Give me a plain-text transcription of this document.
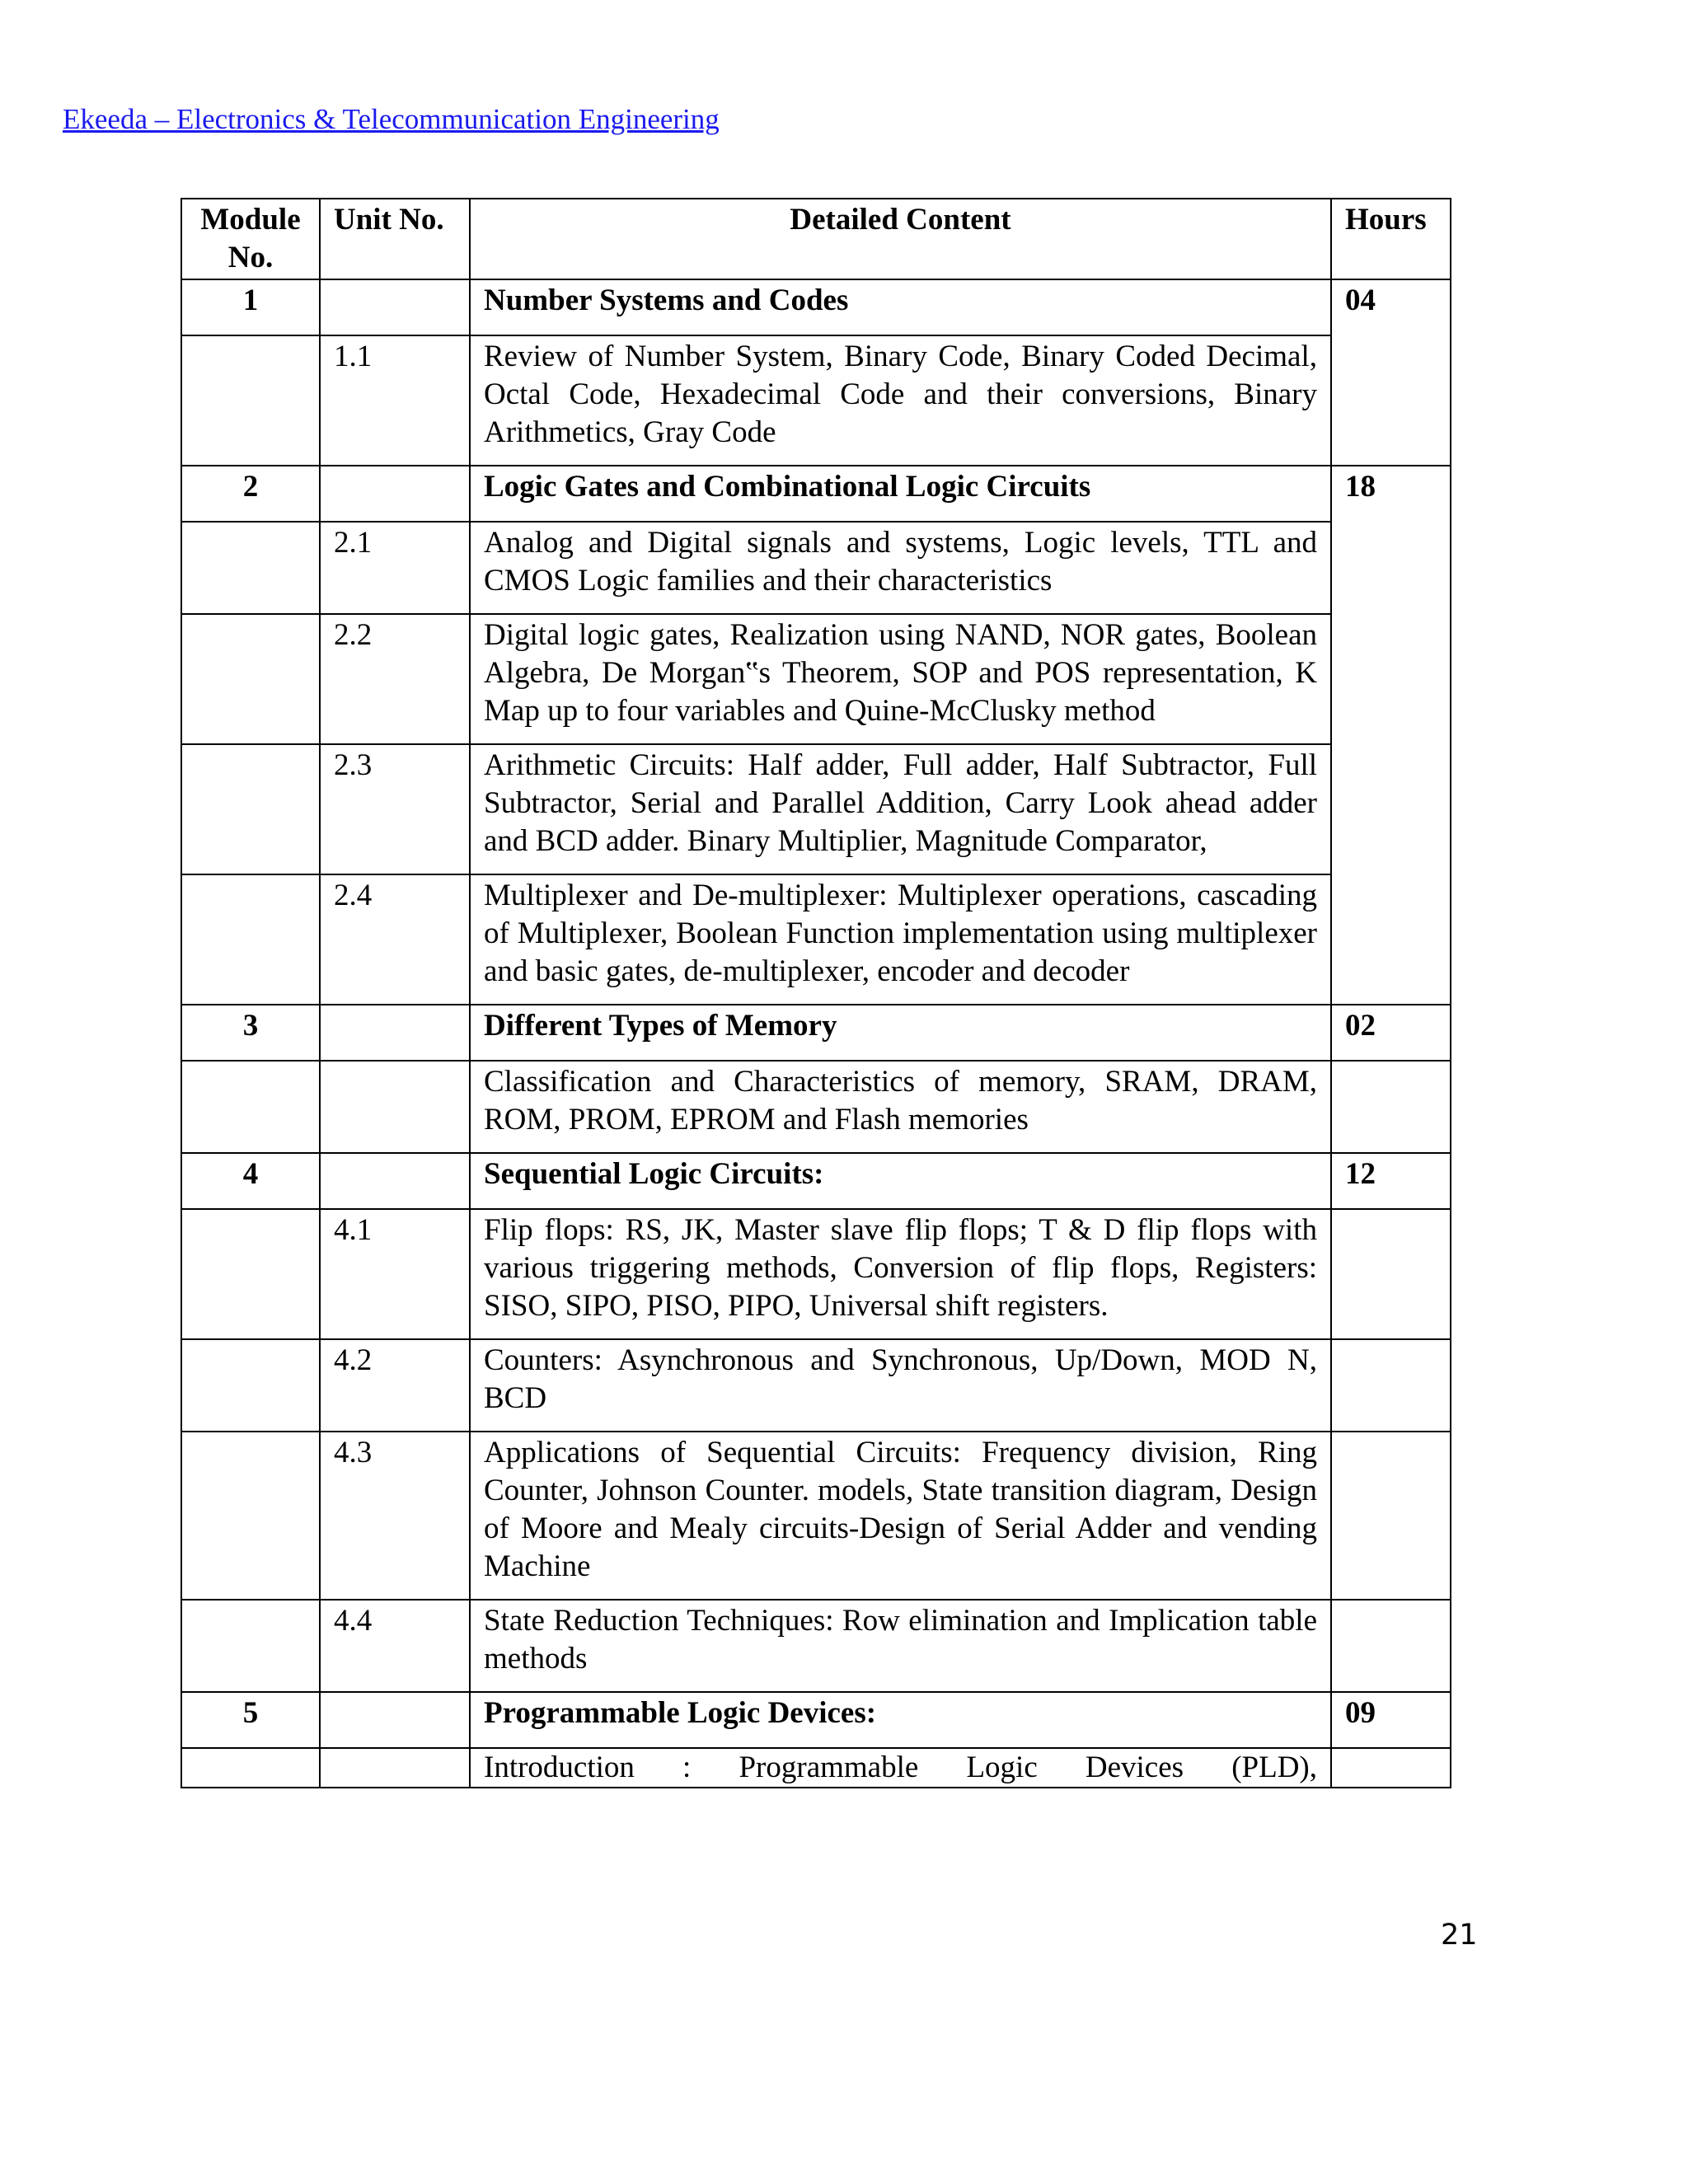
Ekeeda – Electronics & Telecommunication Engineering
Module No.	Unit No.	Detailed Content	Hours
1		Number Systems and Codes	04
	1.1	Review of Number System, Binary Code, Binary Coded Decimal, Octal Code, Hexadecimal Code and their conversions, Binary Arithmetics, Gray Code	
2		Logic Gates and Combinational Logic Circuits	18
	2.1	Analog and Digital signals and systems, Logic levels, TTL and CMOS Logic families and their characteristics	
	2.2	Digital logic gates, Realization using NAND, NOR gates, Boolean Algebra, De Morgan‟s Theorem, SOP and POS representation, K Map up to four variables and Quine-McClusky method	
	2.3	Arithmetic Circuits: Half adder, Full adder, Half Subtractor, Full Subtractor, Serial and Parallel Addition, Carry Look ahead adder and BCD adder. Binary Multiplier, Magnitude Comparator,	
	2.4	Multiplexer and De-multiplexer: Multiplexer operations, cascading of Multiplexer, Boolean Function implementation using multiplexer and basic gates, de-multiplexer, encoder and decoder	
3		Different Types of Memory	02
		Classification and Characteristics of memory, SRAM, DRAM, ROM, PROM, EPROM and Flash memories	
4		Sequential Logic Circuits:	12
	4.1	Flip flops: RS, JK, Master slave flip flops; T & D flip flops with various triggering methods, Conversion of flip flops, Registers: SISO, SIPO, PISO, PIPO, Universal shift registers.	
	4.2	Counters: Asynchronous and Synchronous, Up/Down, MOD N, BCD	
	4.3	Applications of Sequential Circuits: Frequency division, Ring Counter, Johnson Counter. models, State transition diagram, Design of Moore and Mealy circuits-Design of Serial Adder and vending Machine	
	4.4	State Reduction Techniques: Row elimination and Implication table methods	
5		Programmable Logic Devices:	09
		Introduction : Programmable Logic Devices (PLD),	
21
